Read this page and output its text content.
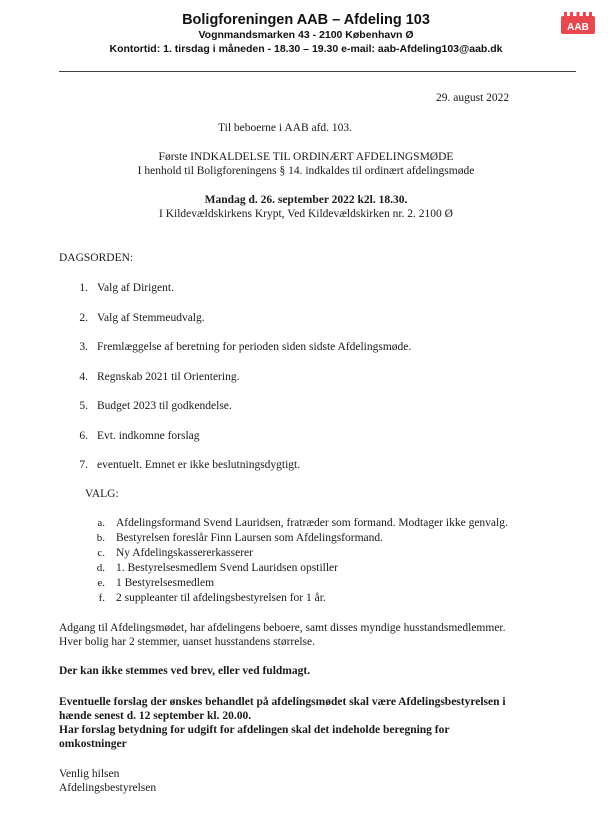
Boligforeningen AAB – Afdeling 103
Vognmandsmarken 43 - 2100 København Ø
Kontortid: 1. tirsdag i måneden - 18.30 – 19.30 e-mail: aab-Afdeling103@aab.dk
AAB
29. august 2022
Til beboerne i AAB afd. 103.
Første INDKALDELSE TIL ORDINÆRT AFDELINGSMØDE
I henhold til Boligforeningens § 14. indkaldes til ordinært afdelingsmøde
Mandag d. 26. september 2022 k2l. 18.30.
I Kildevældskirkens Krypt, Ved Kildevældskirken nr. 2. 2100 Ø
DAGSORDEN:
1. Valg af Dirigent.
2. Valg af Stemmeudvalg.
3. Fremlæggelse af beretning for perioden siden sidste Afdelingsmøde.
4. Regnskab 2021 til Orientering.
5. Budget 2023 til godkendelse.
6. Evt. indkomne forslag
7. eventuelt. Emnet er ikke beslutningsdygtigt.
VALG:
a. Afdelingsformand Svend Lauridsen, fratræder som formand. Modtager ikke genvalg.
b. Bestyrelsen foreslår Finn Laursen som Afdelingsformand.
c. Ny Afdelingskassererkasserer
d. 1. Bestyrelsesmedlem Svend Lauridsen opstiller
e. 1 Bestyrelsesmedlem
f. 2 suppleanter til afdelingsbestyrelsen for 1 år.
Adgang til Afdelingsmødet, har afdelingens beboere, samt disses myndige husstandsmedlemmer.
Hver bolig har 2 stemmer, uanset husstandens størrelse.
Der kan ikke stemmes ved brev, eller ved fuldmagt.
Eventuelle forslag der ønskes behandlet på afdelingsmødet skal være Afdelingsbestyrelsen i
hænde senest d. 12 september kl. 20.00.
Har forslag betydning for udgift for afdelingen skal det indeholde beregning for
omkostninger
Venlig hilsen
Afdelingsbestyrelsen
